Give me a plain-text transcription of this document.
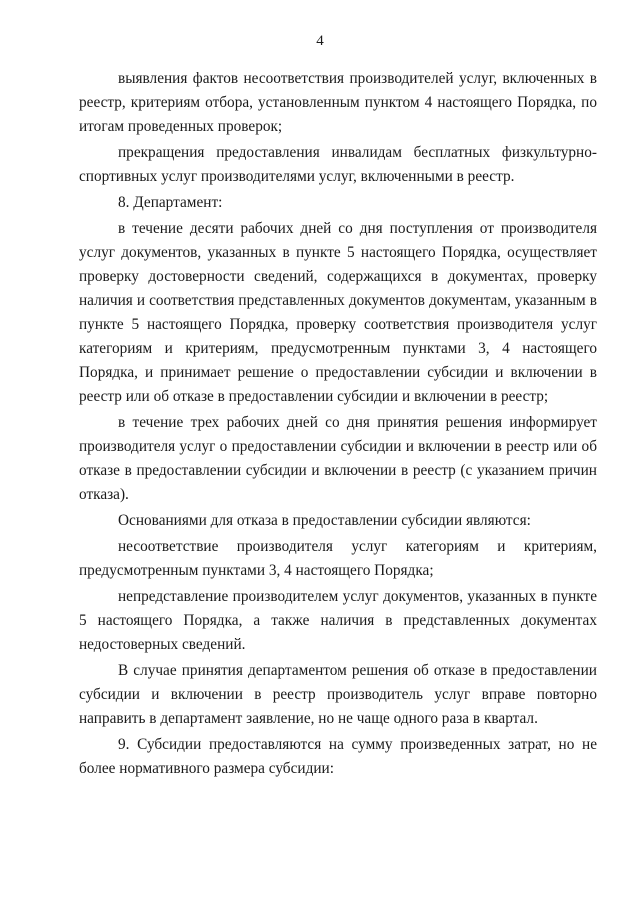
4

выявления фактов несоответствия производителей услуг, включенных в реестр, критериям отбора, установленным пунктом 4 настоящего Порядка, по итогам проведенных проверок;

прекращения предоставления инвалидам бесплатных физкультурно-спортивных услуг производителями услуг, включенными в реестр.

8. Департамент:

в течение десяти рабочих дней со дня поступления от производителя услуг документов, указанных в пункте 5 настоящего Порядка, осуществляет проверку достоверности сведений, содержащихся в документах, проверку наличия и соответствия представленных документов документам, указанным в пункте 5 настоящего Порядка, проверку соответствия производителя услуг категориям и критериям, предусмотренным пунктами 3, 4 настоящего Порядка, и принимает решение о предоставлении субсидии и включении в реестр или об отказе в предоставлении субсидии и включении в реестр;

в течение трех рабочих дней со дня принятия решения информирует производителя услуг о предоставлении субсидии и включении в реестр или об отказе в предоставлении субсидии и включении в реестр (с указанием причин отказа).

Основаниями для отказа в предоставлении субсидии являются:

несоответствие производителя услуг категориям и критериям, предусмотренным пунктами 3, 4 настоящего Порядка;

непредставление производителем услуг документов, указанных в пункте 5 настоящего Порядка, а также наличия в представленных документах недостоверных сведений.

В случае принятия департаментом решения об отказе в предоставлении субсидии и включении в реестр производитель услуг вправе повторно направить в департамент заявление, но не чаще одного раза в квартал.

9. Субсидии предоставляются на сумму произведенных затрат, но не более нормативного размера субсидии:
